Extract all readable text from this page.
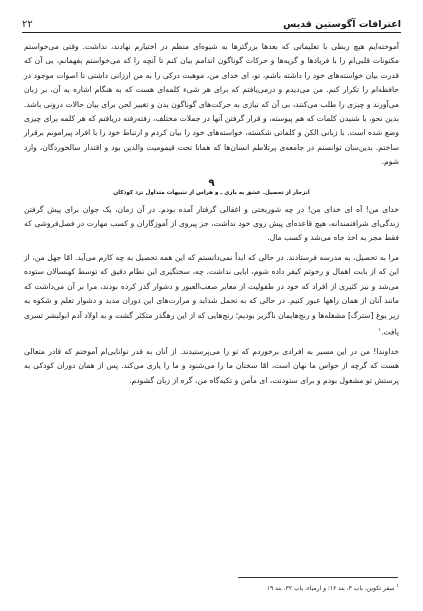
اعترافات آگوستین قدیس
۲۲

آموخته‌ایم هیچ ربطی با تعلیماتی که بعدها بزرگترها به شیوه‌ای منظم در اختیارم نهادند، نداشت. وقتی می‌خواستم مکنونات قلبی‌ام را با فریادها و گریه‌ها و حرکات گوناگون اندامم بیان کنم تا آنچه را که می‌خواستم بفهمانم، بی آن که قدرت بیان خواسته‌های خود را داشته باشم، تو، ای خدای من، موهبت درکی را به من ارزانی داشتی تا اصوات موجود در حافظه‌ام را تکرار کنم. من می‌دیدم و درمی‌یافتم که برای هر شیء کلمه‌ای هست که به هنگام اشاره به آن، بر زبان می‌آورند و چیزی را طلب می‌کنند، بی آن که نیازی به حرکت‌های گوناگون بدن و تغییر لحن برای بیان حالات درونی باشد. بدین نحو، با شنیدن کلمات که هم پیوسته، و قرار گرفتن آنها در جملات مختلف، رفته‌رفته دریافتم که هر کلمه برای چیزی وضع شده است. با زبانی الکن و کلماتی شکسته، خواسته‌های خود را بیان کردم و ارتباط خود را با افراد پیرامونم برقرار ساختم. بدین‌سان توانستم در جامعه‌ی پرتلاطم انسان‌ها که همانا تحت قیمومیت والدین بود و اقتدار سالخوردگان، وارد شوم.

۹
انزجار از تحصیل. عشق به بازی ـ و هراس از تنبیهات متداول نزد کودکان

خدای من! آه ای خدای من! در چه شوربختی و اغفالی گرفتار آمده بودم. در آن زمان، یک جوان برای پیش گرفتن زندگی‌ای شرافتمندانه، هیچ قاعده‌ای پیش روی خود نداشت، جز پیروی از آموزگاران و کسب مهارت در فصل‌فروشی که فقط مجر به اخذ جاه می‌شد و کسب مال.

مرا به تحصیل، به مدرسه فرستادند. در حالی که ابداً نمی‌دانستم که این همه تحصیل به چه کارم می‌آید. امّا جهل من، از این که از بابت اهمال و رخوتم کیفر داده شوم، ابایی نداشت. چه، سختگیری این نظام دقیق که توسط کهنسالان ستوده می‌شد و نیز کثیری از افراد که خود در طفولیت از معابر صعب‌العبور و دشوار گذر کرده بودند، مرا بر آن می‌داشت که مانند آنان از همان راهها عبور کنیم. در حالی که به تحمل شداید و مرارت‌های این دوران مدید و دشوار تعلم و شکوه به زیر یوغ [سترگ] مشغله‌ها و رنج‌هایمان ناگزیر بودیم؛ رنج‌هایی که از این رهگذر متکثر گشت و به اولاد آدم ابولبشر تسری یافت.$^۱$

خداوندا! من در این مسیر به افرادی برخوردم که تو را می‌پرستیدند. از آنان به قدر توانایی‌ام آموختم که قادر متعالی هست که گرچه از حواس ما نهان است، امّا سخنان ما را می‌شنود و ما را یاری می‌کند. پس از همان دوران کودکی به پرستش تو مشغول بودم و برای ستودنت، ای مأمن و تکیه‌گاه من، گره از زبان گشودم.

$^۱$ سفر تکوین، باب ۳، بند ۱۶؛ و ارمیاء، باب ۳۲، بند ۱۹
